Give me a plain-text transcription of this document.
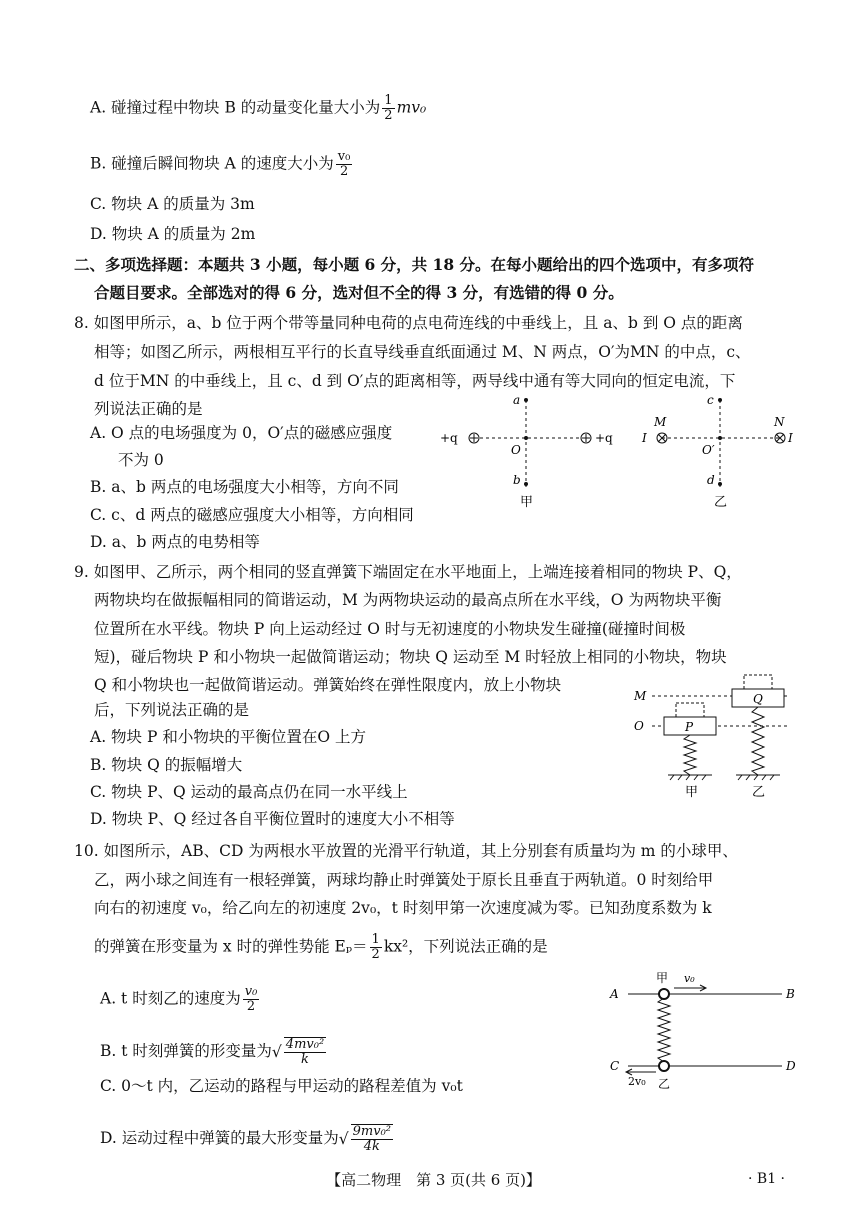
A. 碰撞过程中物块 B 的动量变化量大小为 $\frac{1}{2} mv_0$
B. 碰撞后瞬间物块 A 的速度大小为 $\frac{\text{v₀}}{2}$
C. 物块 A 的质量为 3m
D. 物块 A 的质量为 2m
二、多项选择题：本题共 3 小题，每小题 6 分，共 18 分。在每小题给出的四个选项中，有多项符
合题目要求。全部选对的得 6 分，选对但不全的得 3 分，有选错的得 0 分。
8. 如图甲所示，a、b 位于两个带等量同种电荷的点电荷连线的中垂线上，且 a、b 到 O 点的距离
相等；如图乙所示，两根相互平行的长直导线垂直纸面通过 M、N 两点，O′为MN 的中点，c、
d 位于MN 的中垂线上，且 c、d 到 O′点的距离相等，两导线中通有等大同向的恒定电流，下
列说法正确的是
A. O 点的电场强度为 0，O′点的磁感应强度
不为 0
B. a、b 两点的电场强度大小相等，方向不同
C. c、d 两点的磁感应强度大小相等，方向相同
D. a、b 两点的电势相等
a
b
O
+q	+q
甲
c
d
M	N
O′
I	I
乙
9. 如图甲、乙所示，两个相同的竖直弹簧下端固定在水平地面上，上端连接着相同的物块 P、Q，
两物块均在做振幅相同的简谐运动，M 为两物块运动的最高点所在水平线，O 为两物块平衡
位置所在水平线。物块 P 向上运动经过 O 时与无初速度的小物块发生碰撞(碰撞时间极
短)，碰后物块 P 和小物块一起做简谐运动；物块 Q 运动至 M 时轻放上相同的小物块，物块
Q 和小物块也一起做简谐运动。弹簧始终在弹性限度内，放上小物块
后，下列说法正确的是
A. 物块 P 和小物块的平衡位置在O 上方
B. 物块 Q 的振幅增大
C. 物块 P、Q 运动的最高点仍在同一水平线上
D. 物块 P、Q 经过各自平衡位置时的速度大小不相等
M
O	P
甲
Q
乙
10. 如图所示，AB、CD 为两根水平放置的光滑平行轨道，其上分别套有质量均为 m 的小球甲、
乙，两小球之间连有一根轻弹簧，两球均静止时弹簧处于原长且垂直于两轨道。0 时刻给甲
向右的初速度 v₀，给乙向左的初速度 2v₀，t 时刻甲第一次速度减为零。已知劲度系数为 k
的弹簧在形变量为 x 时的弹性势能 $E_p= \frac{1}{2} kx^2$，下列说法正确的是
A. t 时刻乙的速度为 $\frac{\text{v₀}}{2}$
B. t 时刻弹簧的形变量为√ $\frac{\text{4mv₀²}}{k}$
C. 0～t 内，乙运动的路程与甲运动的路程差值为 v₀t
D. 运动过程中弹簧的最大形变量为√ $\frac{\text{9mv₀²}}{4k}$
A	B
C	D
甲
乙
v₀
2v₀
【高二物理　第 3 页(共 6 页)】	· B1 ·
